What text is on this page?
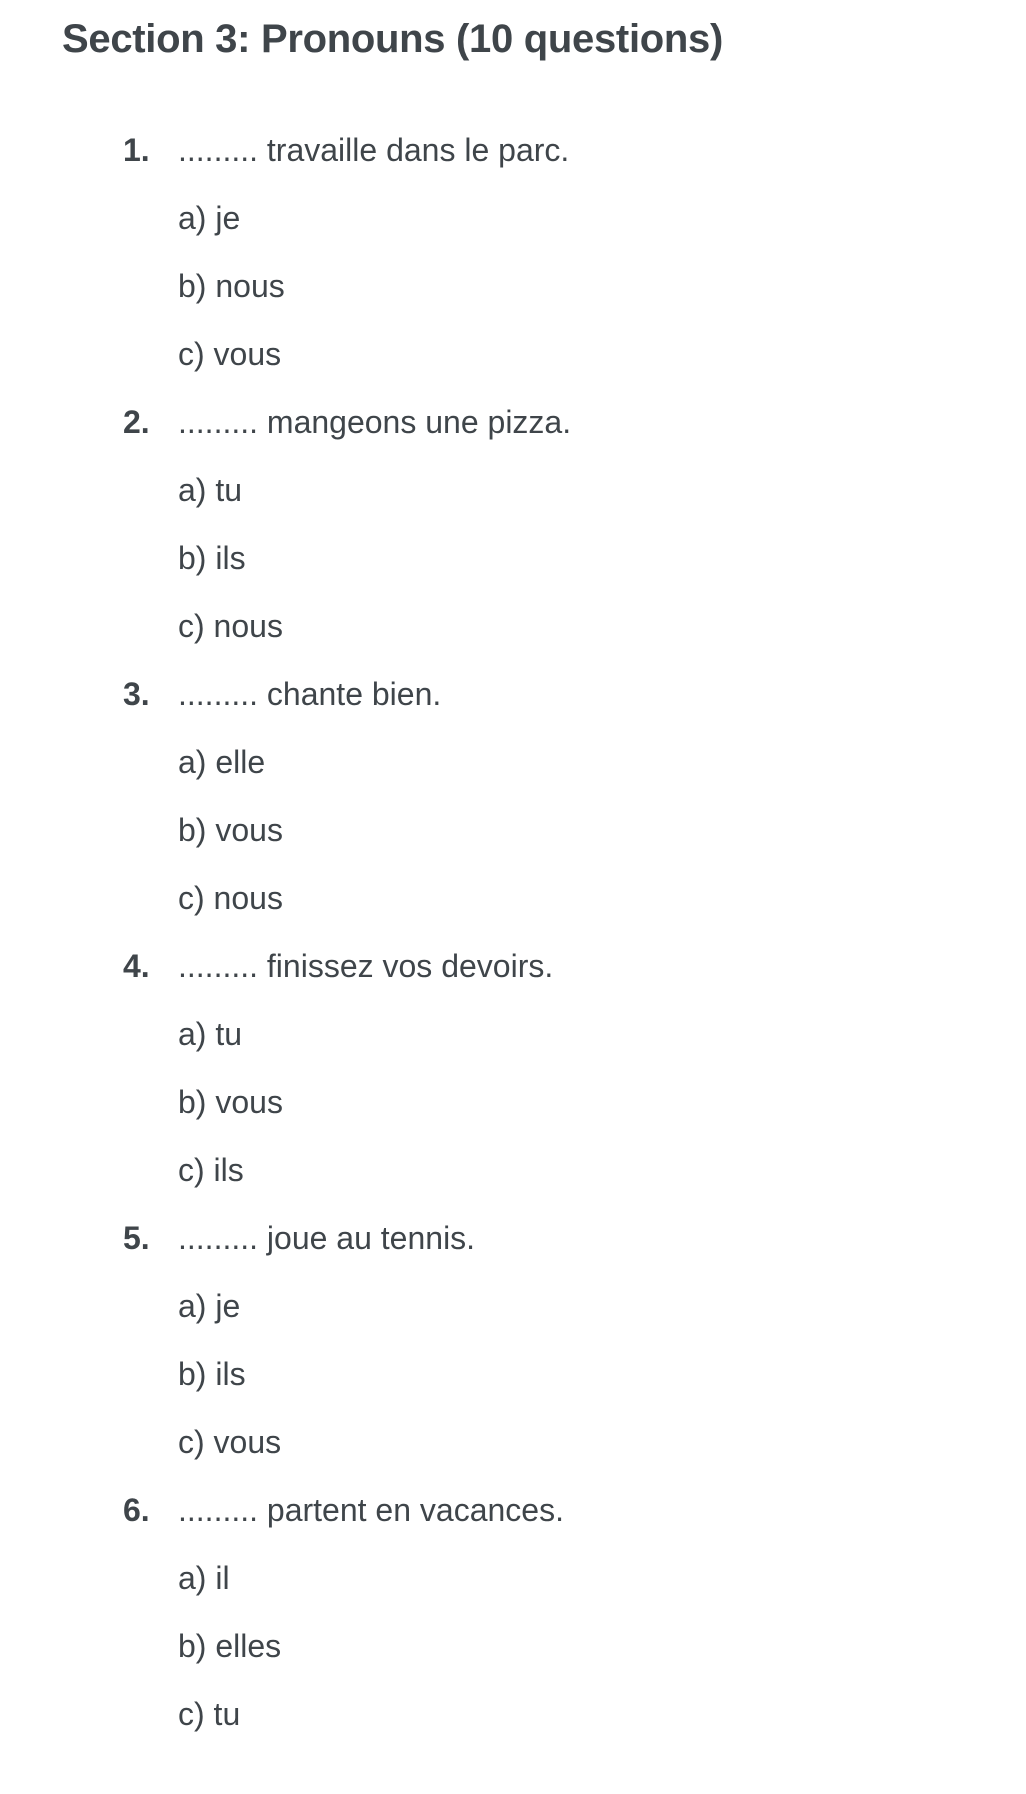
Section 3: Pronouns (10 questions)
1. ......... travaille dans le parc.
a) je
b) nous
c) vous
2. ......... mangeons une pizza.
a) tu
b) ils
c) nous
3. ......... chante bien.
a) elle
b) vous
c) nous
4. ......... finissez vos devoirs.
a) tu
b) vous
c) ils
5. ......... joue au tennis.
a) je
b) ils
c) vous
6. ......... partent en vacances.
a) il
b) elles
c) tu
